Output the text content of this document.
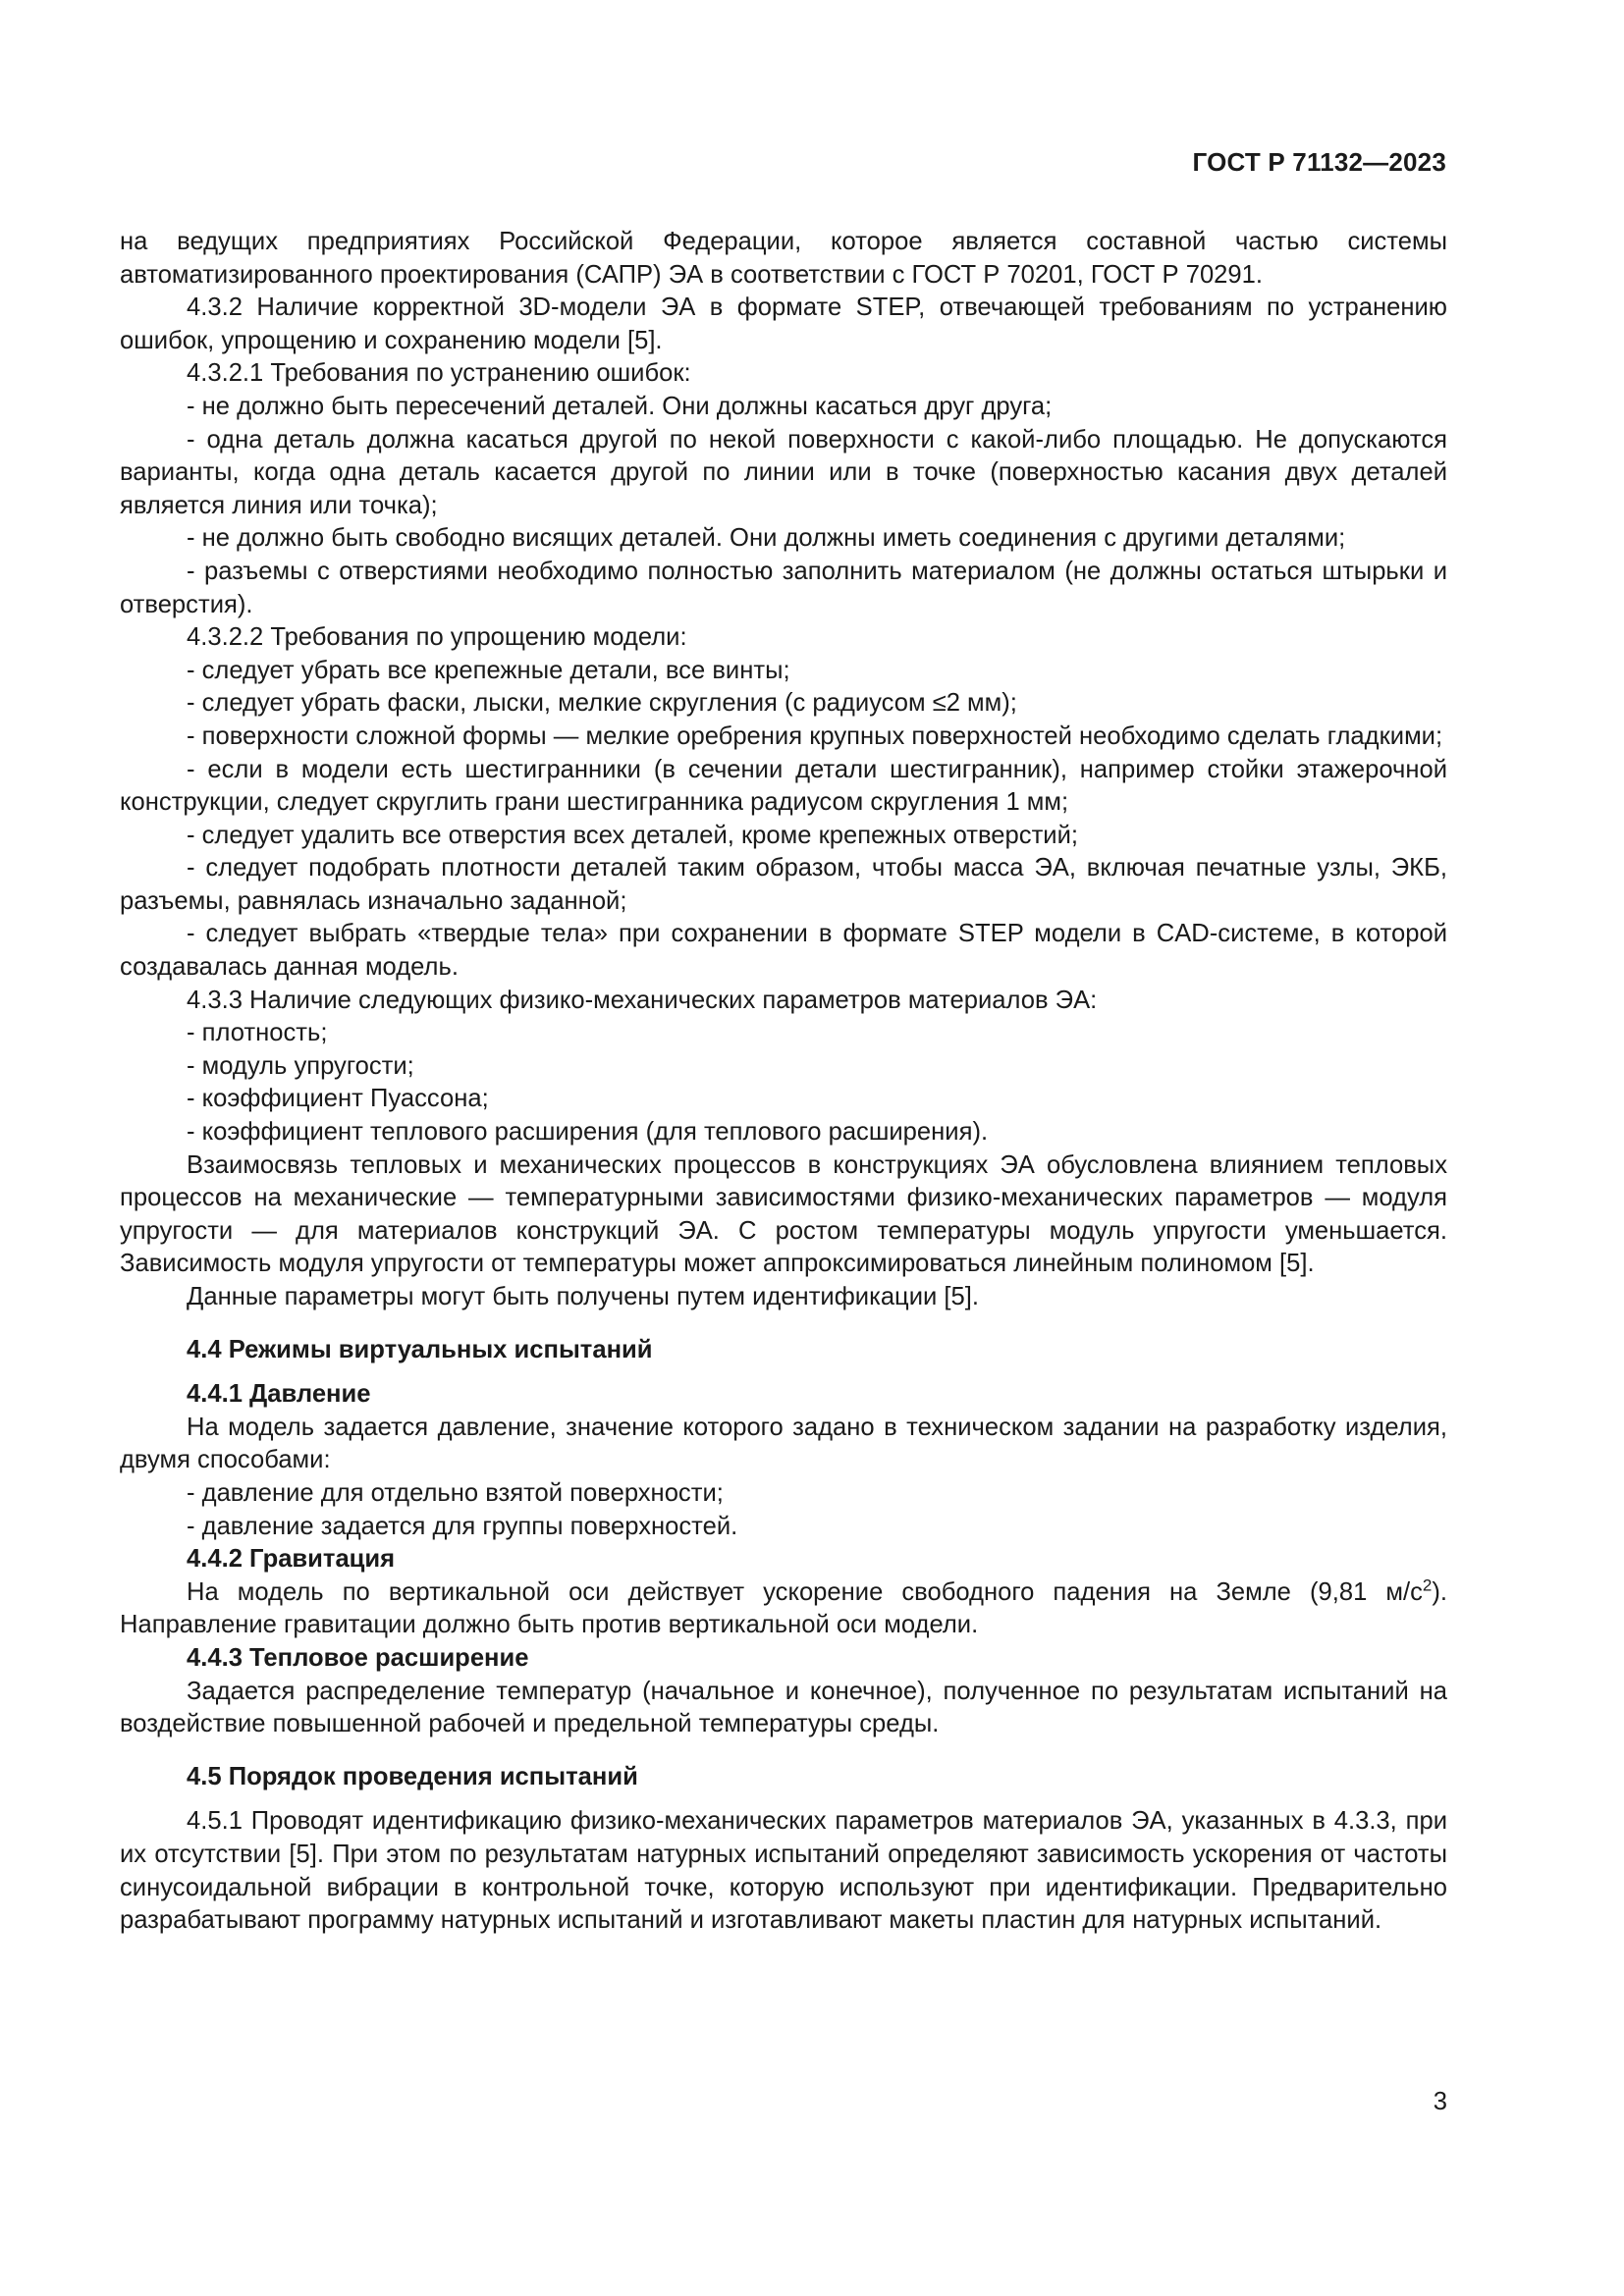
ГОСТ Р 71132—2023

на ведущих предприятиях Российской Федерации, которое является составной частью системы автоматизированного проектирования (САПР) ЭА в соответствии с ГОСТ Р 70201, ГОСТ Р 70291.

4.3.2 Наличие корректной 3D-модели ЭА в формате STEP, отвечающей требованиям по устранению ошибок, упрощению и сохранению модели [5].

4.3.2.1 Требования по устранению ошибок:

- не должно быть пересечений деталей. Они должны касаться друг друга;

- одна деталь должна касаться другой по некой поверхности с какой-либо площадью. Не допускаются варианты, когда одна деталь касается другой по линии или в точке (поверхностью касания двух деталей является линия или точка);

- не должно быть свободно висящих деталей. Они должны иметь соединения с другими деталями;

- разъемы с отверстиями необходимо полностью заполнить материалом (не должны остаться штырьки и отверстия).

4.3.2.2 Требования по упрощению модели:

- следует убрать все крепежные детали, все винты;

- следует убрать фаски, лыски, мелкие скругления (с радиусом ≤2 мм);

- поверхности сложной формы — мелкие оребрения крупных поверхностей необходимо сделать гладкими;

- если в модели есть шестигранники (в сечении детали шестигранник), например стойки этажерочной конструкции, следует скруглить грани шестигранника радиусом скругления 1 мм;

- следует удалить все отверстия всех деталей, кроме крепежных отверстий;

- следует подобрать плотности деталей таким образом, чтобы масса ЭА, включая печатные узлы, ЭКБ, разъемы, равнялась изначально заданной;

- следует выбрать «твердые тела» при сохранении в формате STEP модели в CAD-системе, в которой создавалась данная модель.

4.3.3 Наличие следующих физико-механических параметров материалов ЭА:

- плотность;

- модуль упругости;

- коэффициент Пуассона;

- коэффициент теплового расширения (для теплового расширения).

Взаимосвязь тепловых и механических процессов в конструкциях ЭА обусловлена влиянием тепловых процессов на механические — температурными зависимостями физико-механических параметров — модуля упругости — для материалов конструкций ЭА. С ростом температуры модуль упругости уменьшается. Зависимость модуля упругости от температуры может аппроксимироваться линейным полиномом [5].

Данные параметры могут быть получены путем идентификации [5].

4.4 Режимы виртуальных испытаний
4.4.1 Давление

На модель задается давление, значение которого задано в техническом задании на разработку изделия, двумя способами:

- давление для отдельно взятой поверхности;

- давление задается для группы поверхностей.

4.4.2 Гравитация

На модель по вертикальной оси действует ускорение свободного падения на Земле (9,81 $м/с^2$). Направление гравитации должно быть против вертикальной оси модели.

4.4.3 Тепловое расширение

Задается распределение температур (начальное и конечное), полученное по результатам испытаний на воздействие повышенной рабочей и предельной температуры среды.

4.5 Порядок проведения испытаний

4.5.1 Проводят идентификацию физико-механических параметров материалов ЭА, указанных в 4.3.3, при их отсутствии [5]. При этом по результатам натурных испытаний определяют зависимость ускорения от частоты синусоидальной вибрации в контрольной точке, которую используют при идентификации. Предварительно разрабатывают программу натурных испытаний и изготавливают макеты пластин для натурных испытаний.

3
